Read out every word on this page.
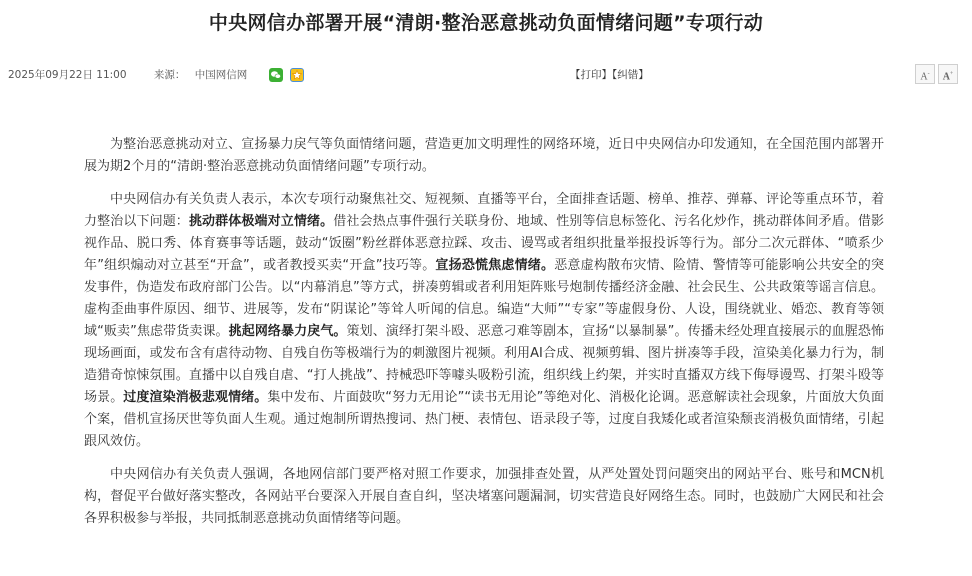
中央网信办部署开展“清朗·整治恶意挑动负面情绪问题”专项行动
2025年09月22日 11:00	来源： 中国网信网	【打印】【纠错】	A-	A+

为整治恶意挑动对立、宣扬暴力戾气等负面情绪问题，营造更加文明理性的网络环境，近日中央网信办印发通知，在全国范围内部署开展为期2个月的“清朗·整治恶意挑动负面情绪问题”专项行动。

中央网信办有关负责人表示，本次专项行动聚焦社交、短视频、直播等平台，全面排查话题、榜单、推荐、弹幕、评论等重点环节，着力整治以下问题：挑动群体极端对立情绪。借社会热点事件强行关联身份、地域、性别等信息标签化、污名化炒作，挑动群体间矛盾。借影视作品、脱口秀、体育赛事等话题，鼓动“饭圈”粉丝群体恶意拉踩、攻击、谩骂或者组织批量举报投诉等行为。部分二次元群体、“喷系少年”组织煽动对立甚至“开盒”，或者教授买卖“开盒”技巧等。宣扬恐慌焦虑情绪。恶意虚构散布灾情、险情、警情等可能影响公共安全的突发事件，伪造发布政府部门公告。以“内幕消息”等方式，拼凑剪辑或者利用矩阵账号炮制传播经济金融、社会民生、公共政策等谣言信息。虚构歪曲事件原因、细节、进展等，发布“阴谋论”等耸人听闻的信息。编造“大师”“专家”等虚假身份、人设，围绕就业、婚恋、教育等领域“贩卖”焦虑带货卖课。挑起网络暴力戾气。策划、演绎打架斗殴、恶意刁难等剧本，宣扬“以暴制暴”。传播未经处理直接展示的血腥恐怖现场画面，或发布含有虐待动物、自残自伤等极端行为的刺激图片视频。利用AI合成、视频剪辑、图片拼凑等手段，渲染美化暴力行为，制造猎奇惊悚氛围。直播中以自残自虐、“打人挑战”、持械恐吓等噱头吸粉引流，组织线上约架，并实时直播双方线下侮辱谩骂、打架斗殴等场景。过度渲染消极悲观情绪。集中发布、片面鼓吹“努力无用论”“读书无用论”等绝对化、消极化论调。恶意解读社会现象，片面放大负面个案，借机宣扬厌世等负面人生观。通过炮制所谓热搜词、热门梗、表情包、语录段子等，过度自我矮化或者渲染颓丧消极负面情绪，引起跟风效仿。

中央网信办有关负责人强调，各地网信部门要严格对照工作要求，加强排查处置，从严处置处罚问题突出的网站平台、账号和MCN机构，督促平台做好落实整改，各网站平台要深入开展自查自纠，坚决堵塞问题漏洞，切实营造良好网络生态。同时，也鼓励广大网民和社会各界积极参与举报，共同抵制恶意挑动负面情绪等问题。
